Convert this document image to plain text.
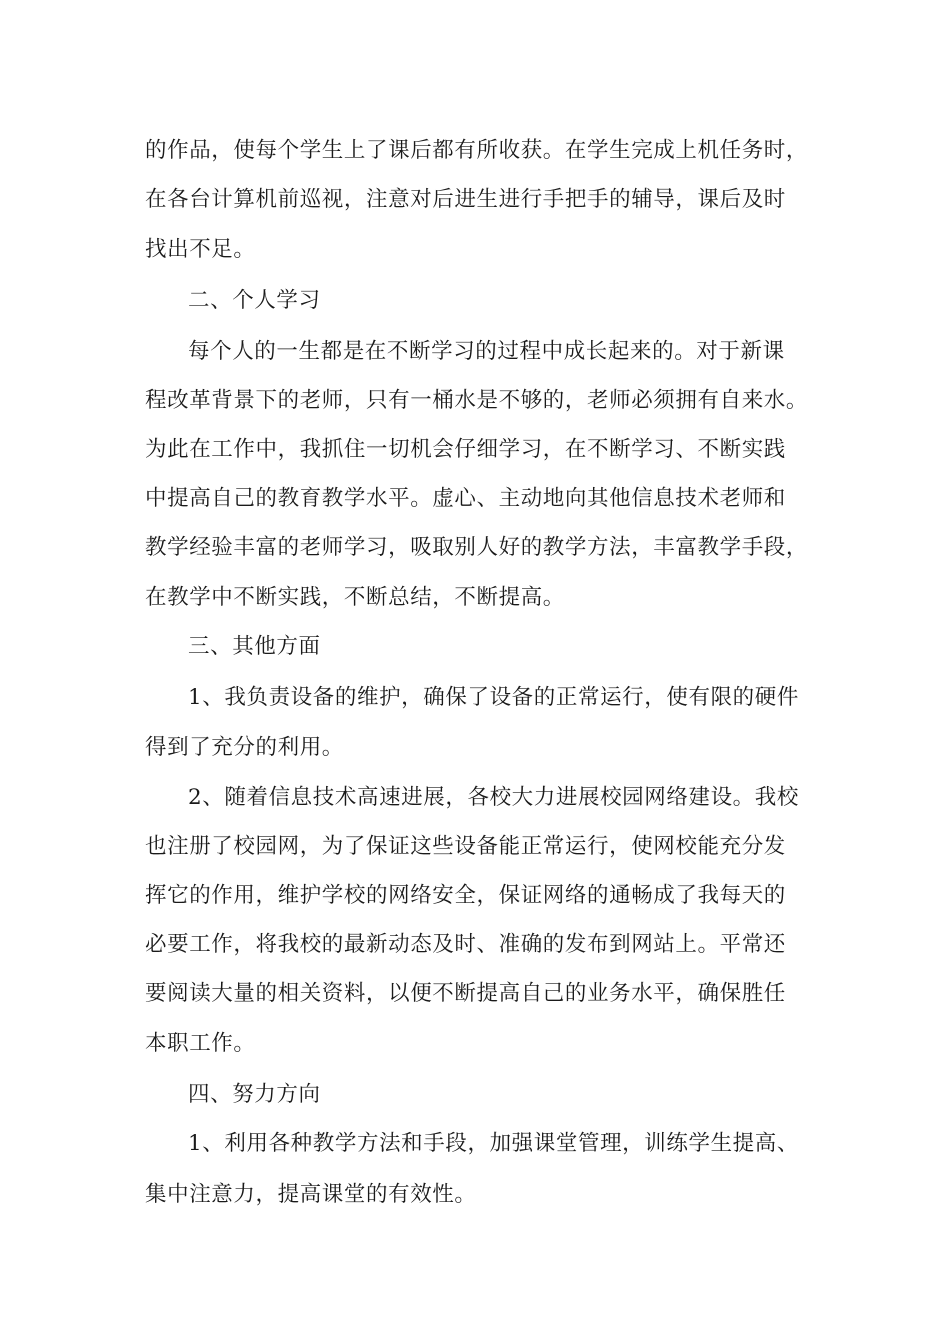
的作品，使每个学生上了课后都有所收获。在学生完成上机任务时，
在各台计算机前巡视，注意对后进生进行手把手的辅导，课后及时
找出不足。
二、个人学习
每个人的一生都是在不断学习的过程中成长起来的。对于新课
程改革背景下的老师，只有一桶水是不够的，老师必须拥有自来水。
为此在工作中，我抓住一切机会仔细学习，在不断学习、不断实践
中提高自己的教育教学水平。虚心、主动地向其他信息技术老师和
教学经验丰富的老师学习，吸取别人好的教学方法，丰富教学手段，
在教学中不断实践，不断总结，不断提高。
三、其他方面
1、我负责设备的维护，确保了设备的正常运行，使有限的硬件
得到了充分的利用。
2、随着信息技术高速进展，各校大力进展校园网络建设。我校
也注册了校园网，为了保证这些设备能正常运行，使网校能充分发
挥它的作用，维护学校的网络安全，保证网络的通畅成了我每天的
必要工作，将我校的最新动态及时、准确的发布到网站上。平常还
要阅读大量的相关资料，以便不断提高自己的业务水平，确保胜任
本职工作。
四、努力方向
1、利用各种教学方法和手段，加强课堂管理，训练学生提高、
集中注意力，提高课堂的有效性。
